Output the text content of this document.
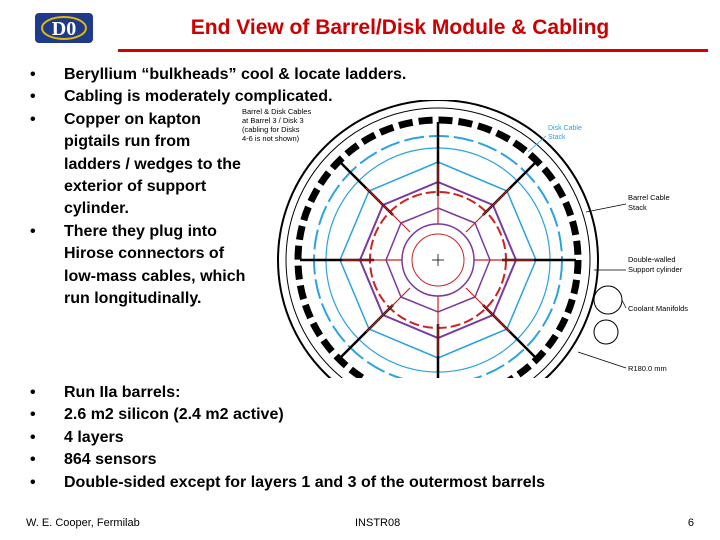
D0	End View of Barrel/Disk Module & Cabling
• Beryllium “bulkheads” cool & locate ladders.
• Cabling is moderately complicated.
• Copper on kapton pigtails run from ladders / wedges to the exterior of support cylinder.
• There they plug into Hirose connectors of low-mass cables, which run longitudinally.
Barrel & Disk Cables
at Barrel 3 / Disk 3
(cabling for Disks
4-6 is not shown)
Disk Cable
Stack
Barrel Cable
Stack
Double-walled
Support cylinder
Coolant Manifolds
R180.0 mm
• Run IIa barrels:
• 2.6 m2 silicon (2.4 m2 active)
• 4 layers
• 864 sensors
• Double-sided except for layers 1 and 3 of the outermost barrels
W. E. Cooper, Fermilab	INSTR08	6
